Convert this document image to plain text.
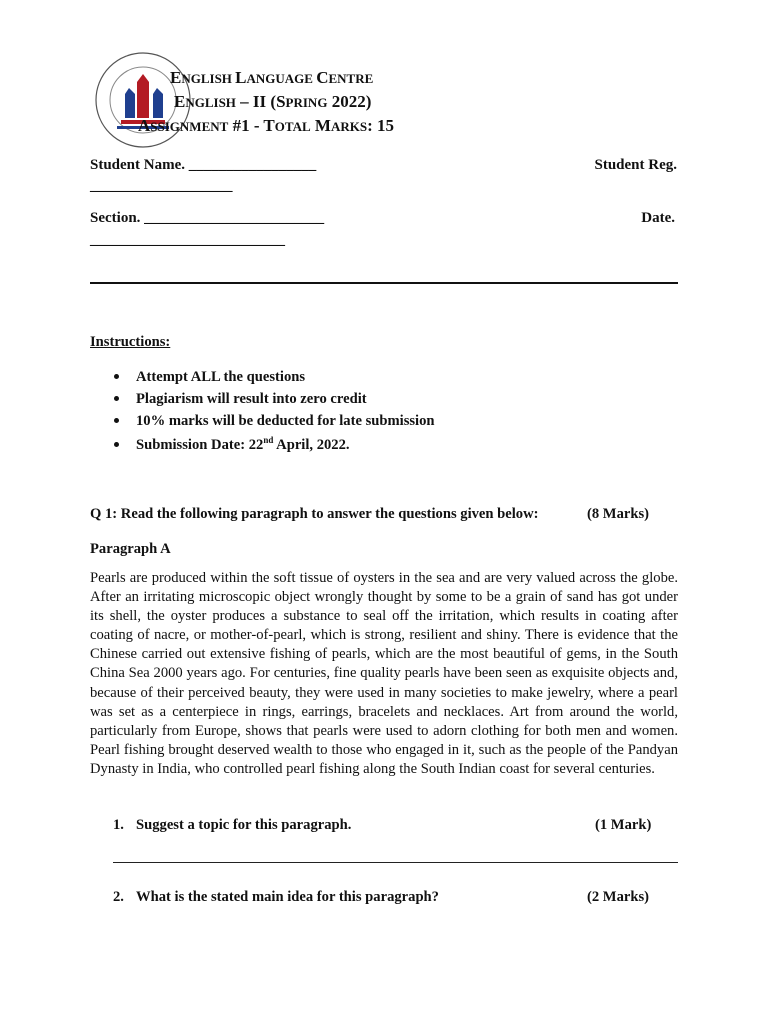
ENGLISH LANGUAGE CENTRE
ENGLISH – II (SPRING 2022)
ASSIGNMENT #1 - TOTAL MARKS: 15
Student Name. _________________	Student Reg.
___________________
Section. ________________________	Date.
__________________________
Instructions:
Attempt ALL the questions
Plagiarism will result into zero credit
10% marks will be deducted for late submission
Submission Date: 22nd April, 2022.
Q 1: Read the following paragraph to answer the questions given below:	(8 Marks)
Paragraph A
Pearls are produced within the soft tissue of oysters in the sea and are very valued across the globe. After an irritating microscopic object wrongly thought by some to be a grain of sand has got under its shell, the oyster produces a substance to seal off the irritation, which results in coating after coating of nacre, or mother-of-pearl, which is strong, resilient and shiny. There is evidence that the Chinese carried out extensive fishing of pearls, which are the most beautiful of gems, in the South China Sea 2000 years ago. For centuries, fine quality pearls have been seen as exquisite objects and, because of their perceived beauty, they were used in many societies to make jewelry, where a pearl was set as a centerpiece in rings, earrings, bracelets and necklaces. Art from around the world, particularly from Europe, shows that pearls were used to adorn clothing for both men and women. Pearl fishing brought deserved wealth to those who engaged in it, such as the people of the Pandyan Dynasty in India, who controlled pearl fishing along the South Indian coast for several centuries.
1. Suggest a topic for this paragraph.	(1 Mark)
2. What is the stated main idea for this paragraph?	(2 Marks)
